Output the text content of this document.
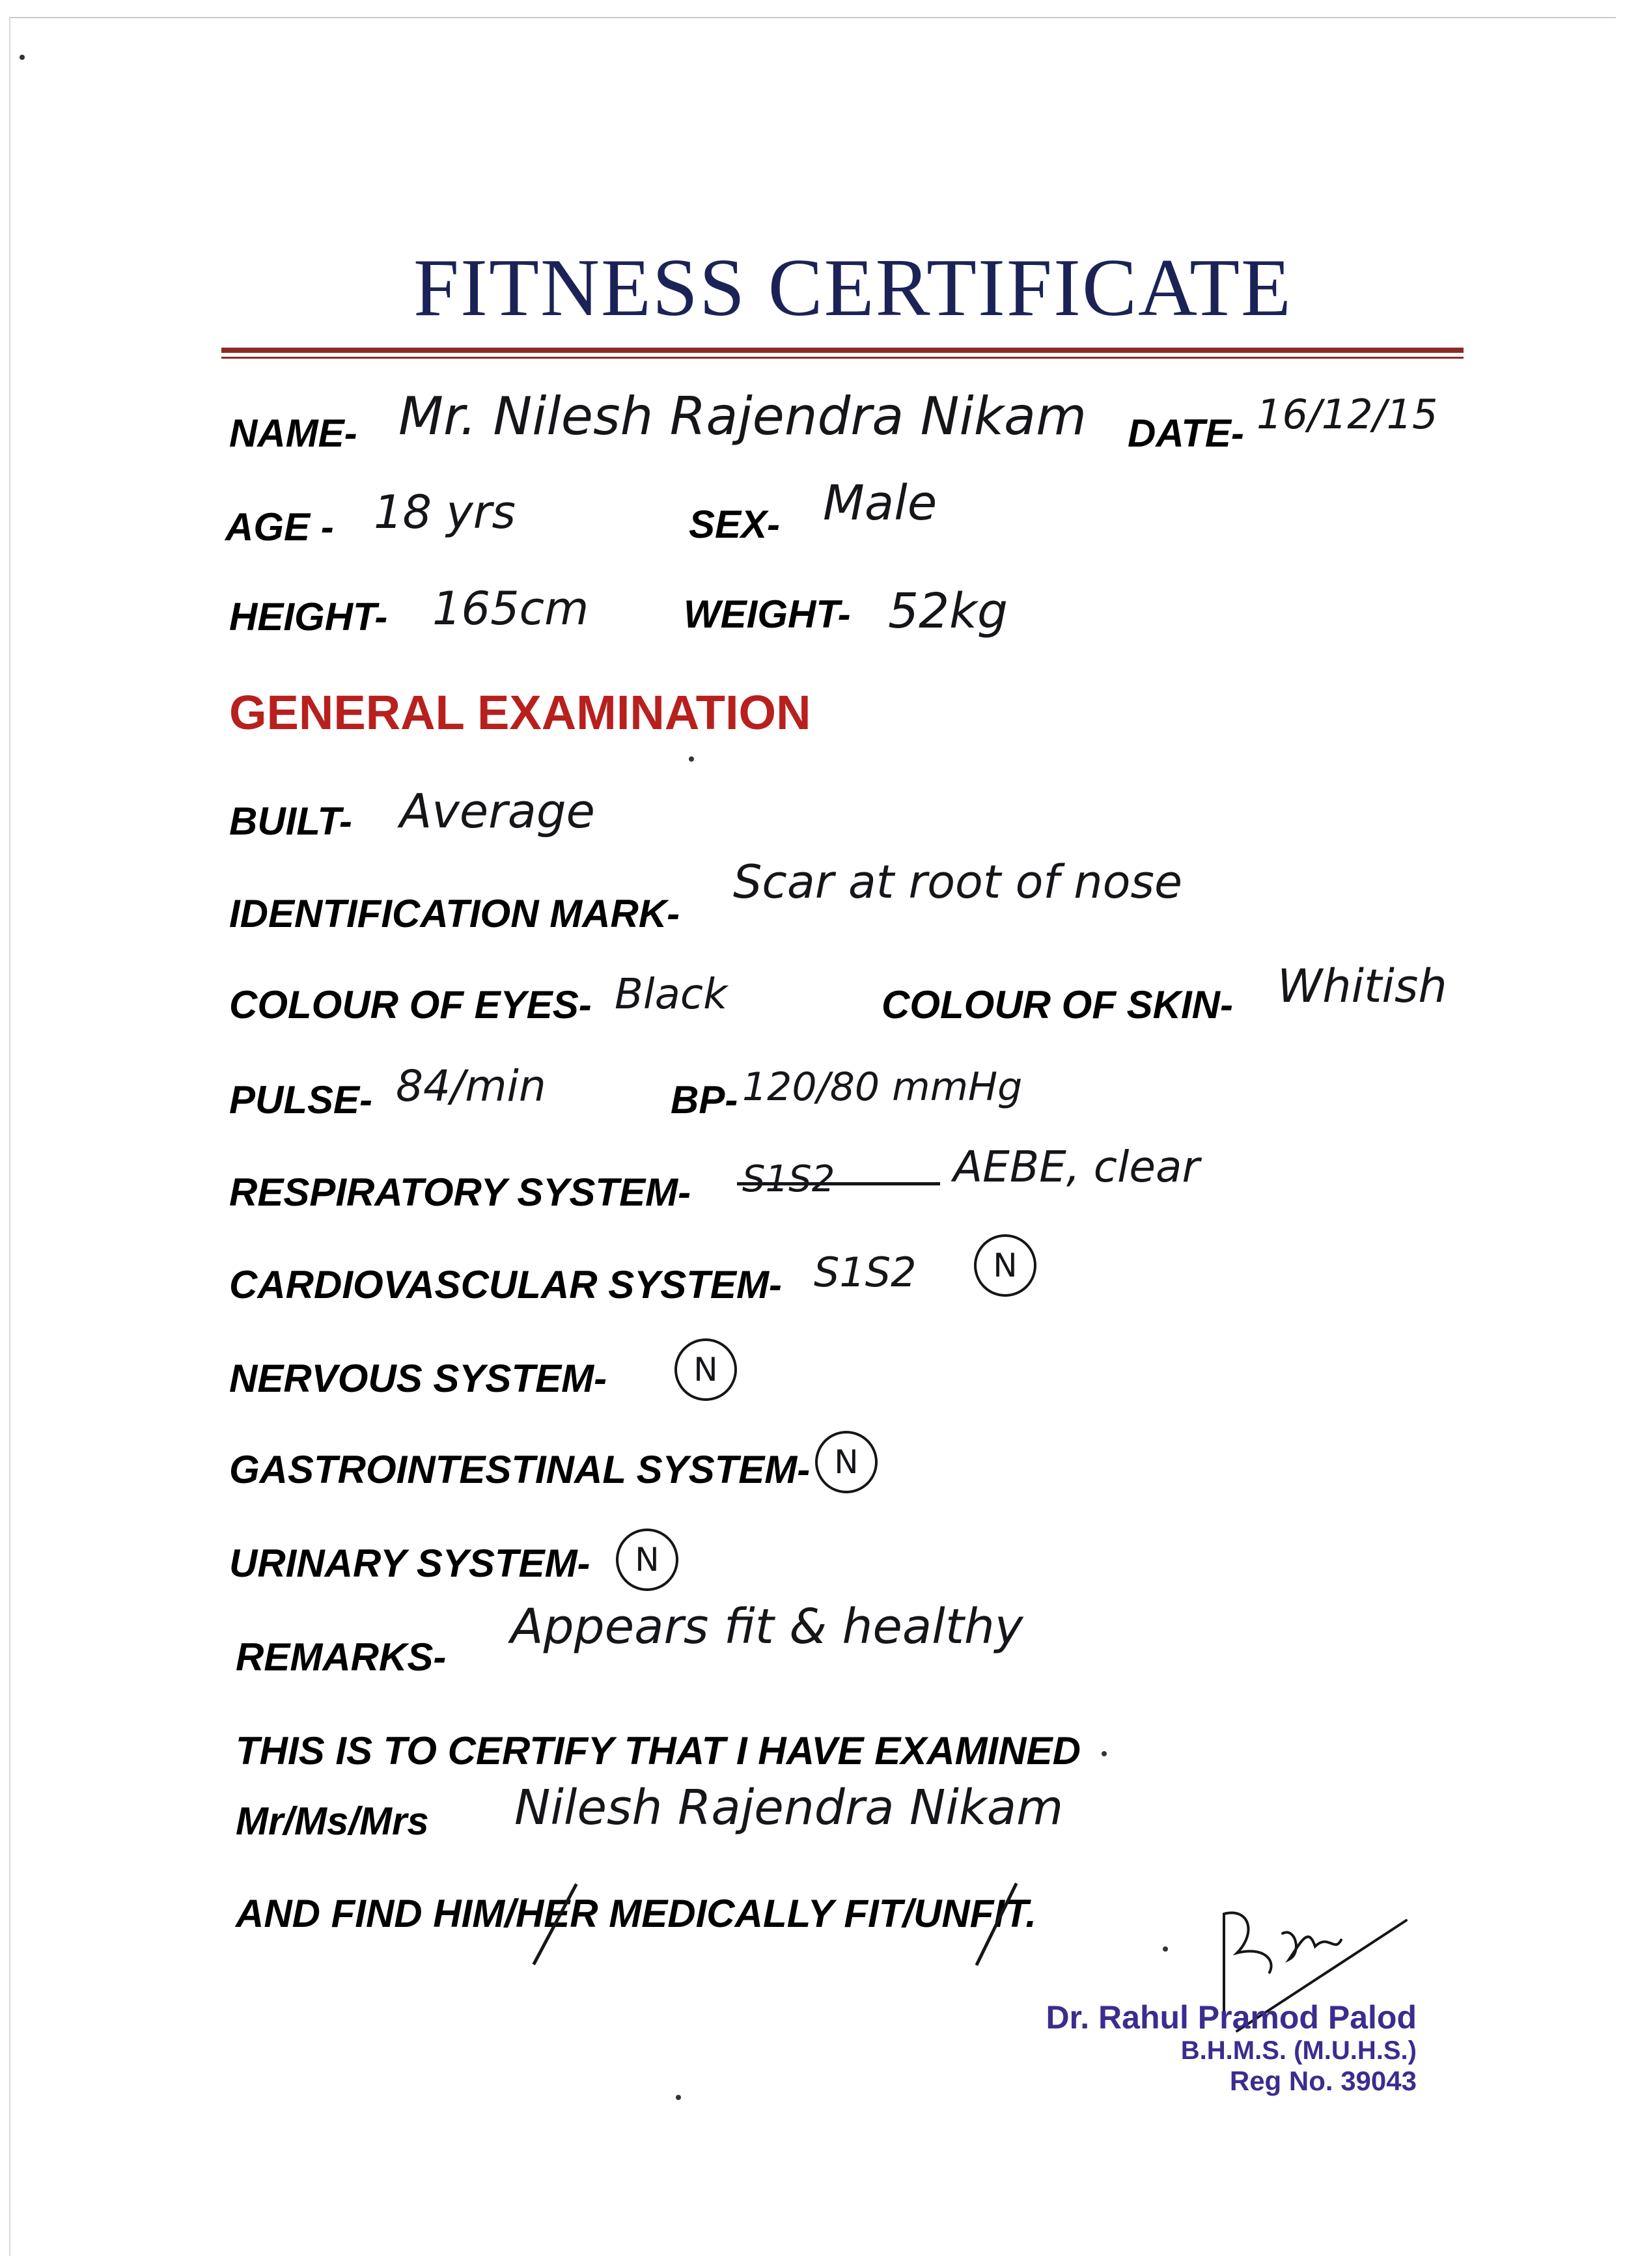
FITNESS CERTIFICATE
NAME- Mr. Nilesh Rajendra Nikam DATE- 16/12/15
AGE - 18 yrs	SEX- Male
HEIGHT- 165cm WEIGHT- 52kg
GENERAL EXAMINATION
BUILT- Average
IDENTIFICATION MARK-
Scar at root of nose
COLOUR OF EYES- Black	COLOUR OF SKIN- Whitish
PULSE- 84/min	BP- 120/80 mmHg
RESPIRATORY SYSTEM- S1S2	AEBE, clear
CARDIOVASCULAR SYSTEM- S1S2 N
NERVOUS SYSTEM-	N
GASTROINTESTINAL SYSTEM- N
URINARY SYSTEM- N
REMARKS-
Appears fit & healthy
THIS IS TO CERTIFY THAT I HAVE EXAMINED
Mr/Ms/Mrs Nilesh Rajendra Nikam
AND FIND HIM/HER MEDICALLY FIT/UNFIT.
Dr. Rahul Pramod Palod
B.H.M.S. (M.U.H.S.)
Reg No. 39043
